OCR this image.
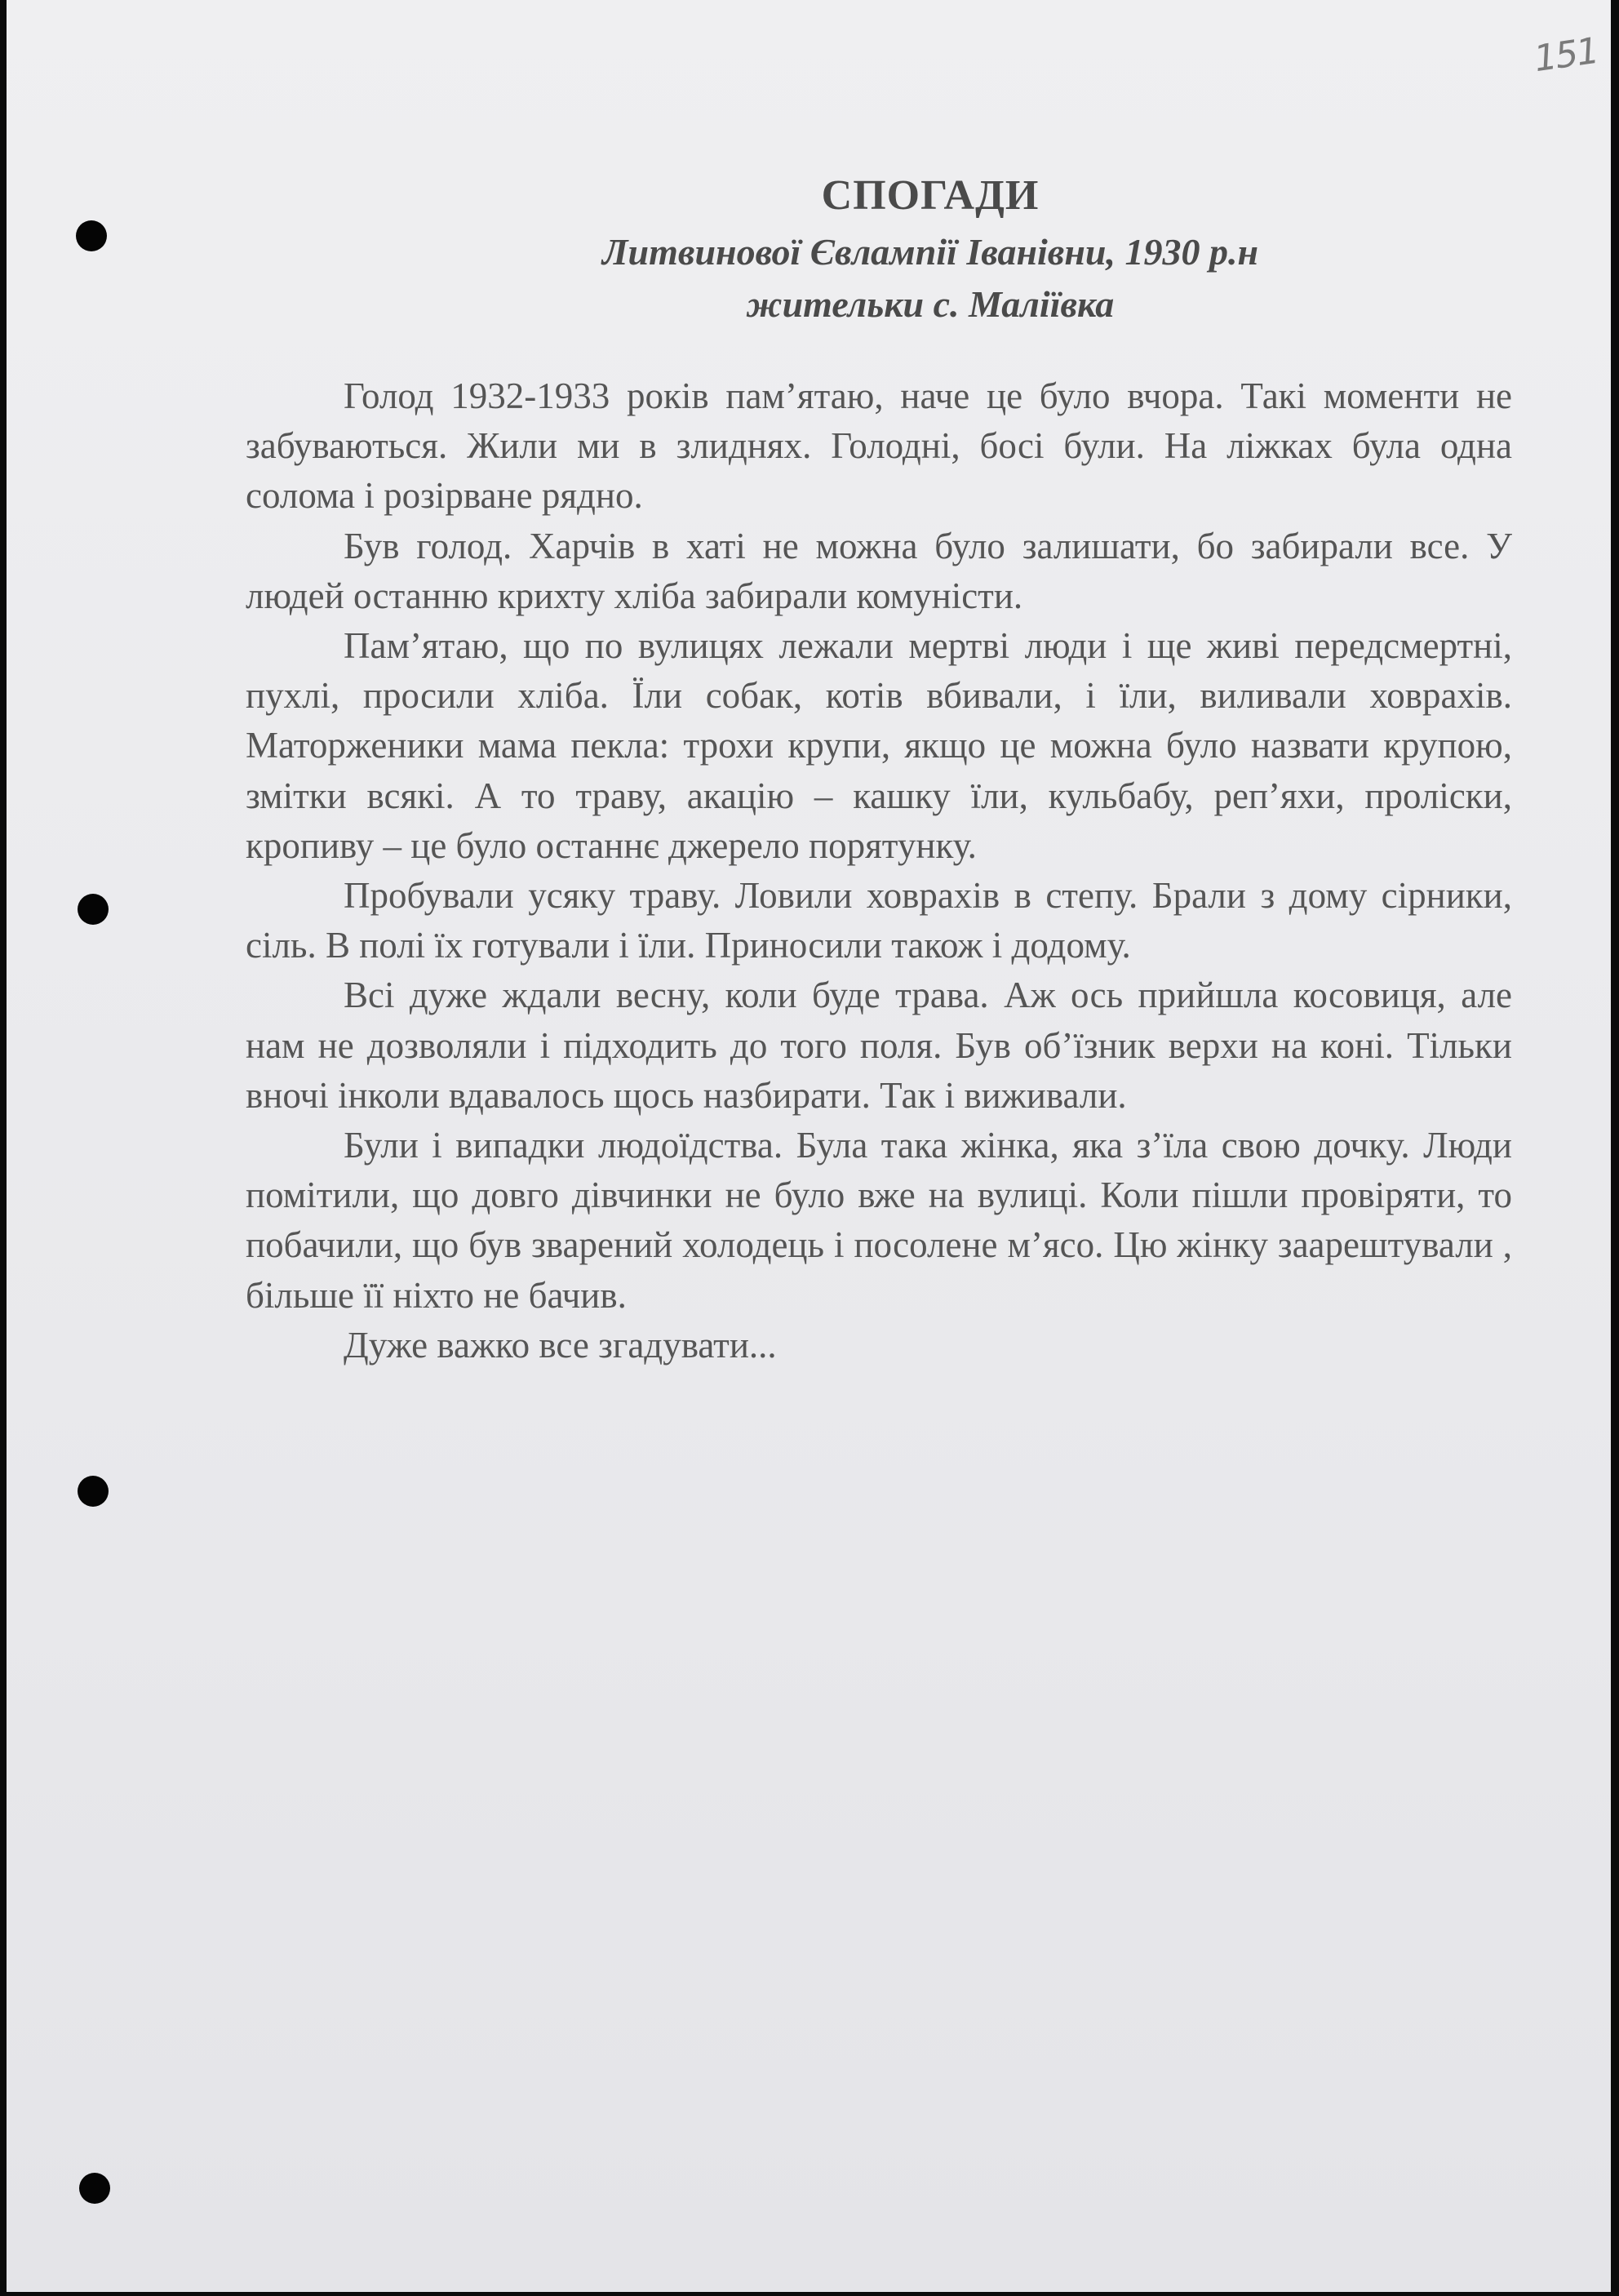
151
СПОГАДИ
Литвинової Євлампії Іванівни, 1930 р.н
жительки с. Маліївка

Голод 1932-1933 років пам’ятаю, наче це було вчора. Такі моменти не забуваються. Жили ми в злиднях. Голодні, босі були. На ліжках була одна солома і розірване рядно.

Був голод. Харчів в хаті не можна було залишати, бо забирали все. У людей останню крихту хліба забирали комуністи.

Пам’ятаю, що по вулицях лежали мертві люди і ще живі передсмертні, пухлі, просили хліба. Їли собак, котів вбивали, і їли, виливали ховрахів. Маторженики мама пекла: трохи крупи, якщо це можна було назвати крупою, змітки всякі. А то траву, акацію – кашку їли, кульбабу, реп’яхи, проліски, кропиву – це було останнє джерело порятунку.

Пробували усяку траву. Ловили ховрахів в степу. Брали з дому сірники, сіль. В полі їх готували і їли. Приносили також і додому.

Всі дуже ждали весну, коли буде трава. Аж ось прийшла косовиця, але нам не дозволяли і підходить до того поля. Був об’їзник верхи на коні. Тільки вночі інколи вдавалось щось назбирати. Так і виживали.

Були і випадки людоїдства. Була така жінка, яка з’їла свою дочку. Люди помітили, що довго дівчинки не було вже на вулиці. Коли пішли провіряти, то побачили, що був зварений холодець і посолене м’ясо. Цю жінку заарештували , більше її ніхто не бачив.

Дуже важко все згадувати...
